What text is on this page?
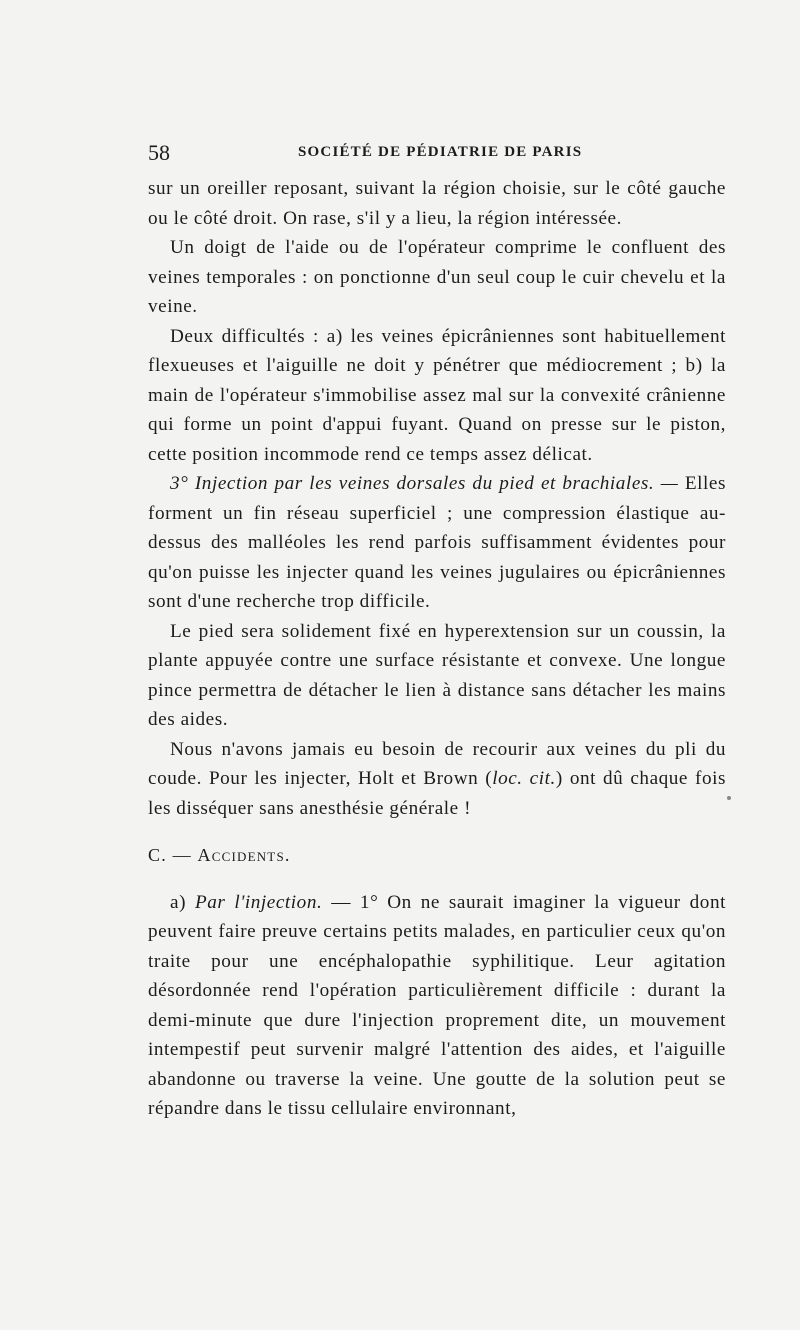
58	SOCIÉTÉ DE PÉDIATRIE DE PARIS

sur un oreiller reposant, suivant la région choisie, sur le côté gauche ou le côté droit. On rase, s'il y a lieu, la région intéressée.

Un doigt de l'aide ou de l'opérateur comprime le confluent des veines temporales : on ponctionne d'un seul coup le cuir chevelu et la veine.

Deux difficultés : a) les veines épicrâniennes sont habituellement flexueuses et l'aiguille ne doit y pénétrer que médiocrement ; b) la main de l'opérateur s'immobilise assez mal sur la convexité crânienne qui forme un point d'appui fuyant. Quand on presse sur le piston, cette position incommode rend ce temps assez délicat.

3° Injection par les veines dorsales du pied et brachiales. — Elles forment un fin réseau superficiel ; une compression élastique au-dessus des malléoles les rend parfois suffisamment évidentes pour qu'on puisse les injecter quand les veines jugulaires ou épicrâniennes sont d'une recherche trop difficile.

Le pied sera solidement fixé en hyperextension sur un coussin, la plante appuyée contre une surface résistante et convexe. Une longue pince permettra de détacher le lien à distance sans détacher les mains des aides.

Nous n'avons jamais eu besoin de recourir aux veines du pli du coude. Pour les injecter, Holt et Brown (loc. cit.) ont dû chaque fois les disséquer sans anesthésie générale !

C. — Accidents.

a) Par l'injection. — 1° On ne saurait imaginer la vigueur dont peuvent faire preuve certains petits malades, en particulier ceux qu'on traite pour une encéphalopathie syphilitique. Leur agitation désordonnée rend l'opération particulièrement difficile : durant la demi-minute que dure l'injection proprement dite, un mouvement intempestif peut survenir malgré l'attention des aides, et l'aiguille abandonne ou traverse la veine. Une goutte de la solution peut se répandre dans le tissu cellulaire environnant,
